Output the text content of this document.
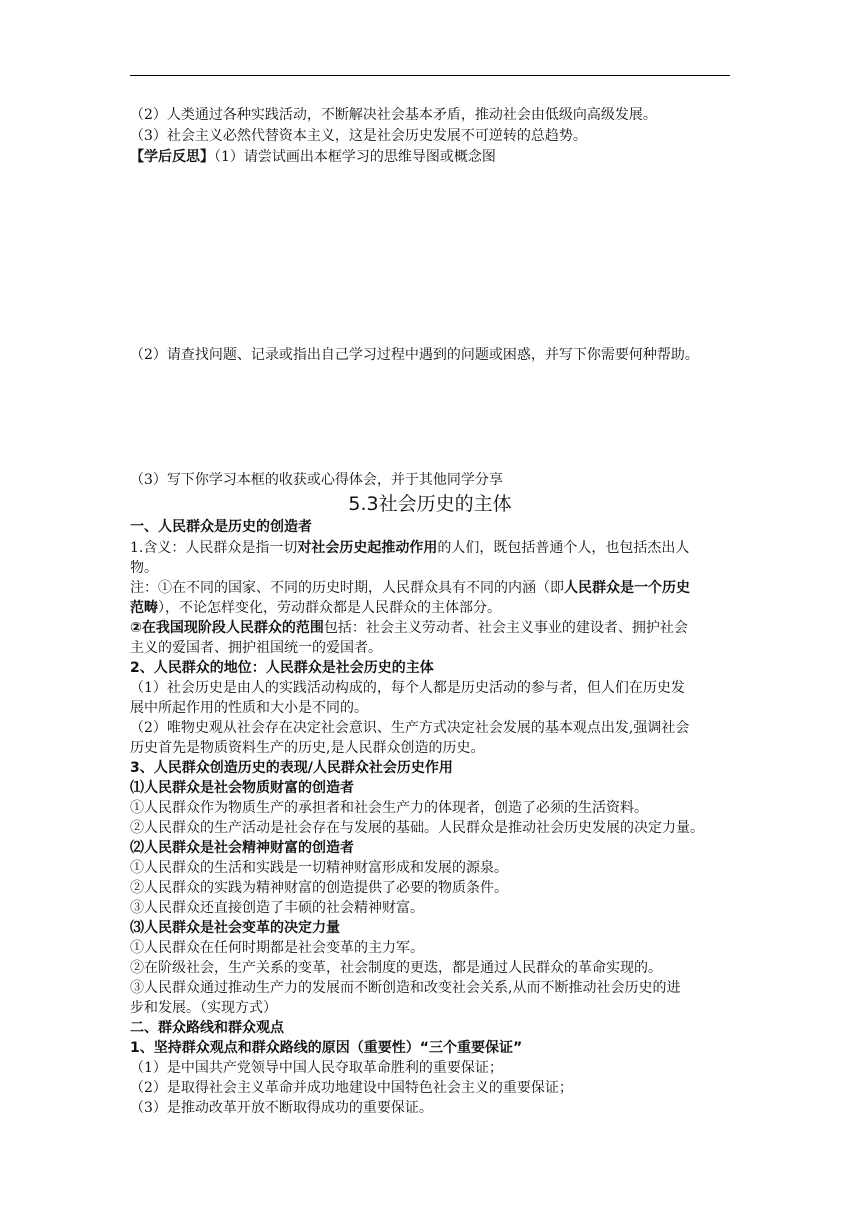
（2）人类通过各种实践活动，不断解决社会基本矛盾，推动社会由低级向高级发展。
（3）社会主义必然代替资本主义，这是社会历史发展不可逆转的总趋势。
【学后反思】（1）请尝试画出本框学习的思维导图或概念图
（2）请查找问题、记录或指出自己学习过程中遇到的问题或困惑，并写下你需要何种帮助。
（3）写下你学习本框的收获或心得体会，并于其他同学分享
5.3社会历史的主体
一、人民群众是历史的创造者
1.含义：人民群众是指一切对社会历史起推动作用的人们，既包括普通个人，也包括杰出人
物。
注：①在不同的国家、不同的历史时期，人民群众具有不同的内涵（即人民群众是一个历史
范畴），不论怎样变化，劳动群众都是人民群众的主体部分。
②在我国现阶段人民群众的范围包括：社会主义劳动者、社会主义事业的建设者、拥护社会
主义的爱国者、拥护祖国统一的爱国者。
2、人民群众的地位：人民群众是社会历史的主体
（1）社会历史是由人的实践活动构成的，每个人都是历史活动的参与者，但人们在历史发
展中所起作用的性质和大小是不同的。
（2）唯物史观从社会存在决定社会意识、生产方式决定社会发展的基本观点出发,强调社会
历史首先是物质资料生产的历史,是人民群众创造的历史。
3、人民群众创造历史的表现/人民群众社会历史作用
⑴人民群众是社会物质财富的创造者
①人民群众作为物质生产的承担者和社会生产力的体现者，创造了必须的生活资料。
②人民群众的生产活动是社会存在与发展的基础。人民群众是推动社会历史发展的决定力量。
⑵人民群众是社会精神财富的创造者
①人民群众的生活和实践是一切精神财富形成和发展的源泉。
②人民群众的实践为精神财富的创造提供了必要的物质条件。
③人民群众还直接创造了丰硕的社会精神财富。
⑶人民群众是社会变革的决定力量
①人民群众在任何时期都是社会变革的主力军。
②在阶级社会，生产关系的变革，社会制度的更迭，都是通过人民群众的革命实现的。
③人民群众通过推动生产力的发展而不断创造和改变社会关系,从而不断推动社会历史的进
步和发展。（实现方式）
二、群众路线和群众观点
1、坚持群众观点和群众路线的原因（重要性）“三个重要保证”
（1）是中国共产党领导中国人民夺取革命胜利的重要保证；
（2）是取得社会主义革命并成功地建设中国特色社会主义的重要保证；
（3）是推动改革开放不断取得成功的重要保证。
